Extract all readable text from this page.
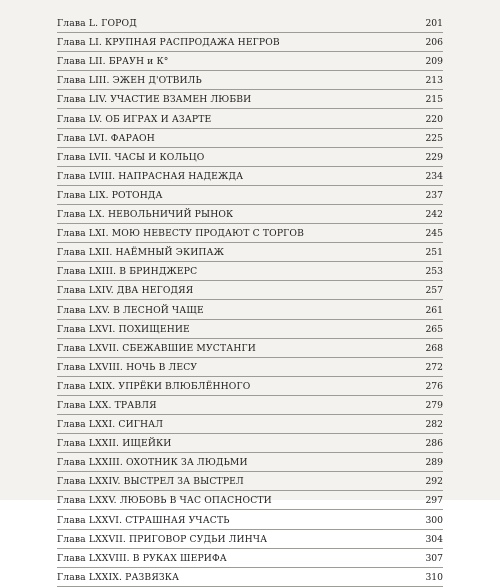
Глава L. ГОРОД	201
Глава LI. КРУПНАЯ РАСПРОДАЖА НЕГРОВ	206
Глава LII. БРАУН и К°	209
Глава LIII. ЭЖЕН Д'ОТВИЛЬ	213
Глава LIV. УЧАСТИЕ ВЗАМЕН ЛЮБВИ	215
Глава LV. ОБ ИГРАХ И АЗАРТЕ	220
Глава LVI. ФАРАОН	225
Глава LVII. ЧАСЫ И КОЛЬЦО	229
Глава LVIII. НАПРАСНАЯ НАДЕЖДА	234
Глава LIX. РОТОНДА	237
Глава LX. НЕВОЛЬНИЧИЙ РЫНОК	242
Глава LXI. МОЮ НЕВЕСТУ ПРОДАЮТ С ТОРГОВ	245
Глава LXII. НАЁМНЫЙ ЭКИПАЖ	251
Глава LXIII. В БРИНДЖЕРС	253
Глава LXIV. ДВА НЕГОДЯЯ	257
Глава LXV. В ЛЕСНОЙ ЧАЩЕ	261
Глава LXVI. ПОХИЩЕНИЕ	265
Глава LXVII. СБЕЖАВШИЕ МУСТАНГИ	268
Глава LXVIII. НОЧЬ В ЛЕСУ	272
Глава LXIX. УПРЁКИ ВЛЮБЛЁННОГО	276
Глава LXX. ТРАВЛЯ	279
Глава LXXI. СИГНАЛ	282
Глава LXXII. ИЩЕЙКИ	286
Глава LXXIII. ОХОТНИК ЗА ЛЮДЬМИ	289
Глава LXXIV. ВЫСТРЕЛ ЗА ВЫСТРЕЛ	292
Глава LXXV. ЛЮБОВЬ В ЧАС ОПАСНОСТИ	297
Глава LXXVI. СТРАШНАЯ УЧАСТЬ	300
Глава LXXVII. ПРИГОВОР СУДЬИ ЛИНЧА	304
Глава LXXVIII. В РУКАХ ШЕРИФА	307
Глава LXXIX. РАЗВЯЗКА	310
